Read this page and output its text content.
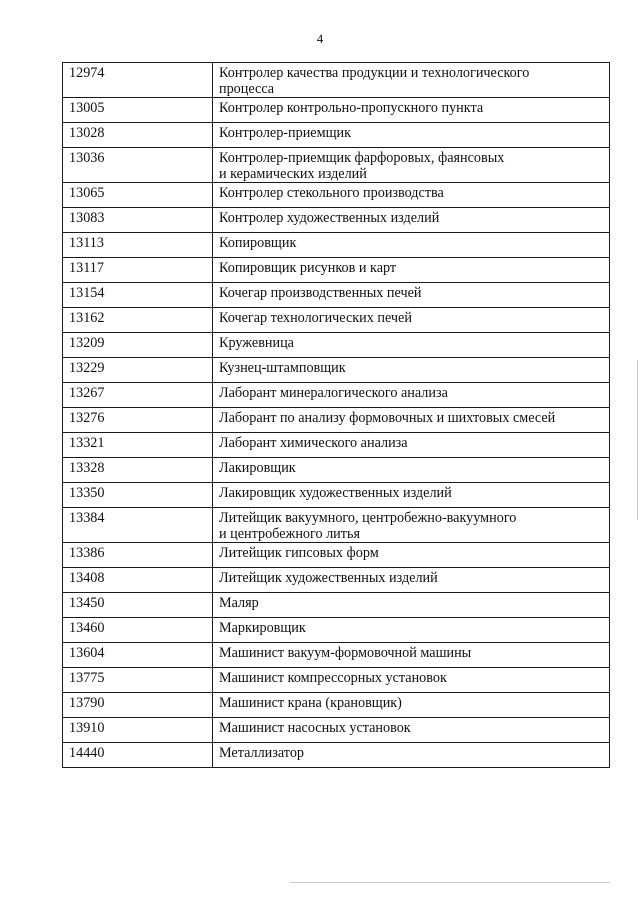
4
12974	Контролер качества продукции и технологического
процесса
13005	Контролер контрольно-пропускного пункта
13028	Контролер-приемщик
13036	Контролер-приемщик фарфоровых, фаянсовых
и керамических изделий
13065	Контролер стекольного производства
13083	Контролер художественных изделий
13113	Копировщик
13117	Копировщик рисунков и карт
13154	Кочегар производственных печей
13162	Кочегар технологических печей
13209	Кружевница
13229	Кузнец-штамповщик
13267	Лаборант минералогического анализа
13276	Лаборант по анализу формовочных и шихтовых смесей
13321	Лаборант химического анализа
13328	Лакировщик
13350	Лакировщик художественных изделий
13384	Литейщик вакуумного, центробежно-вакуумного
и центробежного литья
13386	Литейщик гипсовых форм
13408	Литейщик художественных изделий
13450	Маляр
13460	Маркировщик
13604	Машинист вакуум-формовочной машины
13775	Машинист компрессорных установок
13790	Машинист крана (крановщик)
13910	Машинист насосных установок
14440	Металлизатор
